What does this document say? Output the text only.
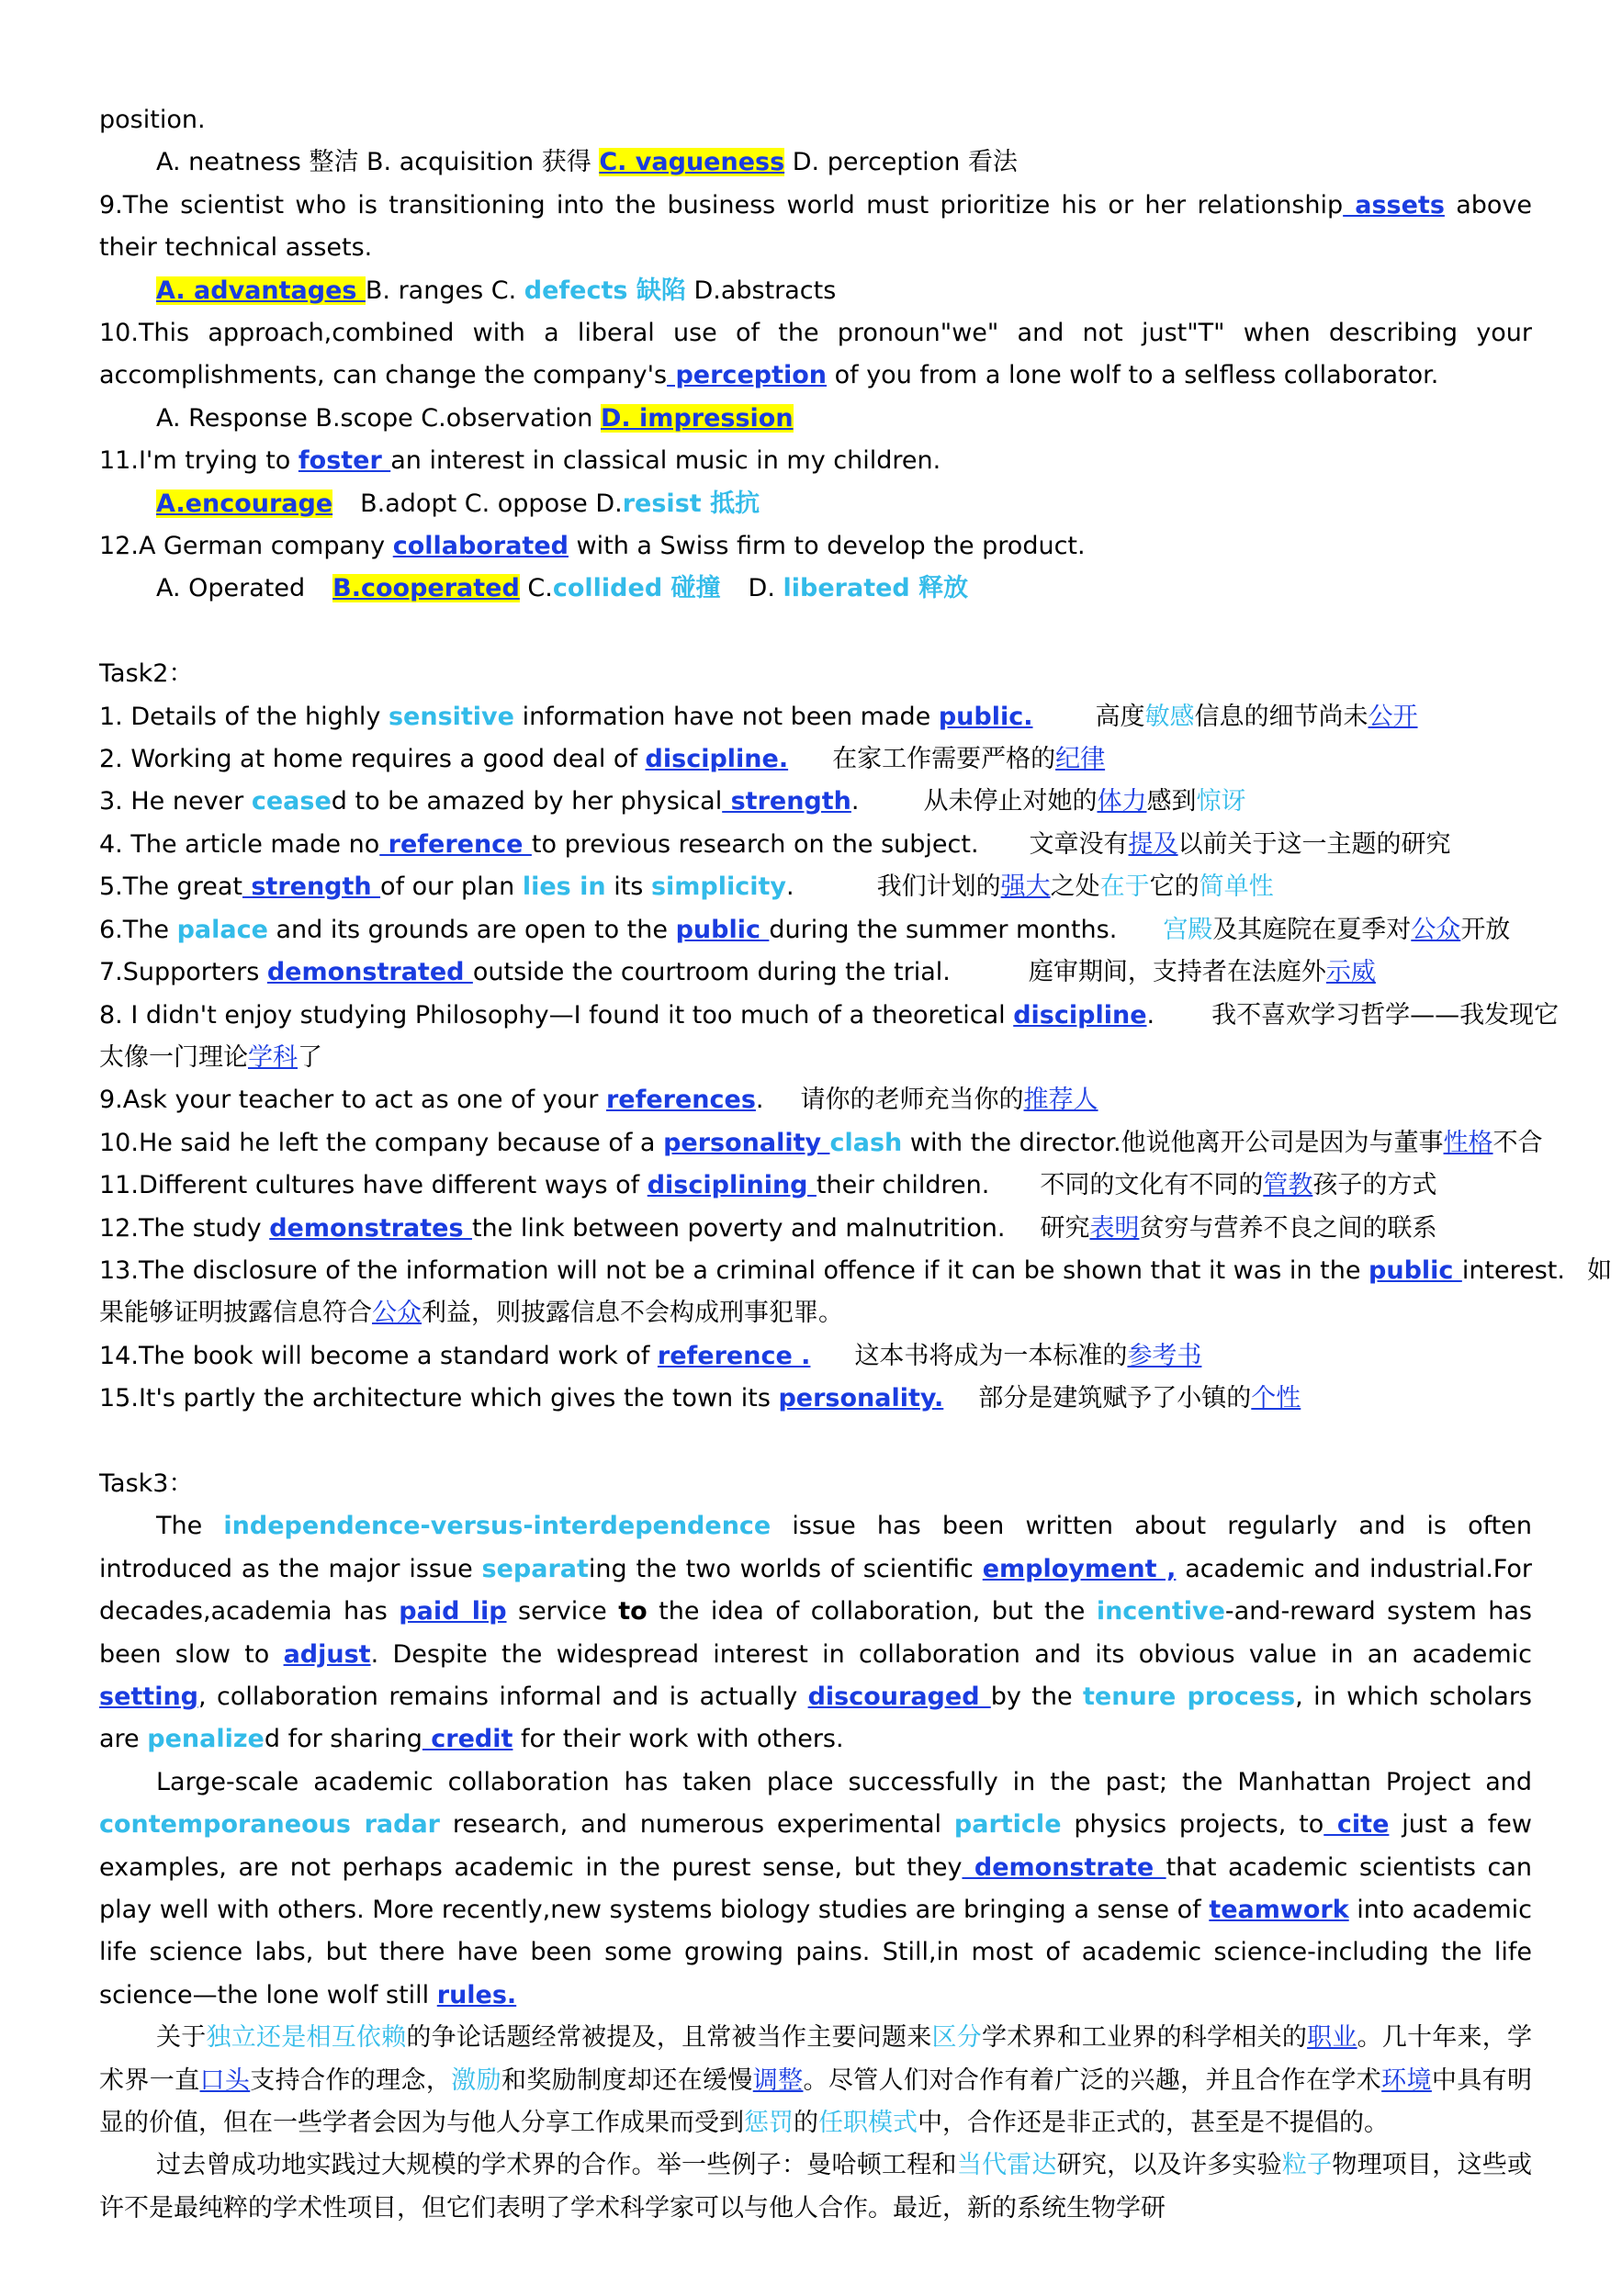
position.
A. neatness 整洁 B. acquisition 获得 C. vagueness D. perception 看法
9.The scientist who is transitioning into the business world must prioritize his or her relationship assets above their technical assets.
A. advantages B. ranges C. defects 缺陷 D.abstracts
10.This approach,combined with a liberal use of the pronoun"we" and not just"T" when describing your accomplishments, can change the company's perception of you from a lone wolf to a selfless collaborator.
A. Response B.scope C.observation D. impression
11.I'm trying to foster an interest in classical music in my children.
A.encourage B.adopt C. oppose D.resist 抵抗
12.A German company collaborated with a Swiss firm to develop the product.
A. Operated B.cooperated C.collided 碰撞 D. liberated 释放
Task2：
1. Details of the highly sensitive information have not been made public.	高度敏感信息的细节尚未公开
2. Working at home requires a good deal of discipline. 在家工作需要严格的纪律
3. He never ceased to be amazed by her physical strength.	从未停止对她的体力感到惊讶
4. The article made no reference to previous research on the subject. 文章没有提及以前关于这一主题的研究
5.The great strength of our plan lies in its simplicity.	我们计划的强大之处在于它的简单性
6.The palace and its grounds are open to the public during the summer months. 宫殿及其庭院在夏季对公众开放
7.Supporters demonstrated outside the courtroom during the trial.	庭审期间，支持者在法庭外示威
8. I didn't enjoy studying Philosophy—I found it too much of a theoretical discipline. 我不喜欢学习哲学——我发现它
太像一门理论学科了
9.Ask your teacher to act as one of your references. 请你的老师充当你的推荐人
10.He said he left the company because of a personality clash with the director.他说他离开公司是因为与董事性格不合
11.Different cultures have different ways of disciplining their children. 不同的文化有不同的管教孩子的方式
12.The study demonstrates the link between poverty and malnutrition. 研究表明贫穷与营养不良之间的联系
13.The disclosure of the information will not be a criminal offence if it can be shown that it was in the public interest. 如
果能够证明披露信息符合公众利益，则披露信息不会构成刑事犯罪。
14.The book will become a standard work of reference . 这本书将成为一本标准的参考书
15.It's partly the architecture which gives the town its personality. 部分是建筑赋予了小镇的个性
Task3：
The independence-versus-interdependence issue has been written about regularly and is often introduced as the major issue separating the two worlds of scientific employment , academic and industrial.For decades,academia has paid lip service to the idea of collaboration, but the incentive-and-reward system has been slow to adjust. Despite the widespread interest in collaboration and its obvious value in an academic setting, collaboration remains informal and is actually discouraged by the tenure process, in which scholars are penalized for sharing credit for their work with others.
Large-scale academic collaboration has taken place successfully in the past; the Manhattan Project and contemporaneous radar research, and numerous experimental particle physics projects, to cite just a few examples, are not perhaps academic in the purest sense, but they demonstrate that academic scientists can play well with others. More recently,new systems biology studies are bringing a sense of teamwork into academic life science labs, but there have been some growing pains. Still,in most of academic science-including the life science—the lone wolf still rules.
关于独立还是相互依赖的争论话题经常被提及，且常被当作主要问题来区分学术界和工业界的科学相关的职业。几十年来，学术界一直口头支持合作的理念，激励和奖励制度却还在缓慢调整。尽管人们对合作有着广泛的兴趣，并且合作在学术环境中具有明显的价值，但在一些学者会因为与他人分享工作成果而受到惩罚的任职模式中，合作还是非正式的，甚至是不提倡的。
过去曾成功地实践过大规模的学术界的合作。举一些例子：曼哈顿工程和当代雷达研究，以及许多实验粒子物理项目，这些或许不是最纯粹的学术性项目，但它们表明了学术科学家可以与他人合作。最近，新的系统生物学研
